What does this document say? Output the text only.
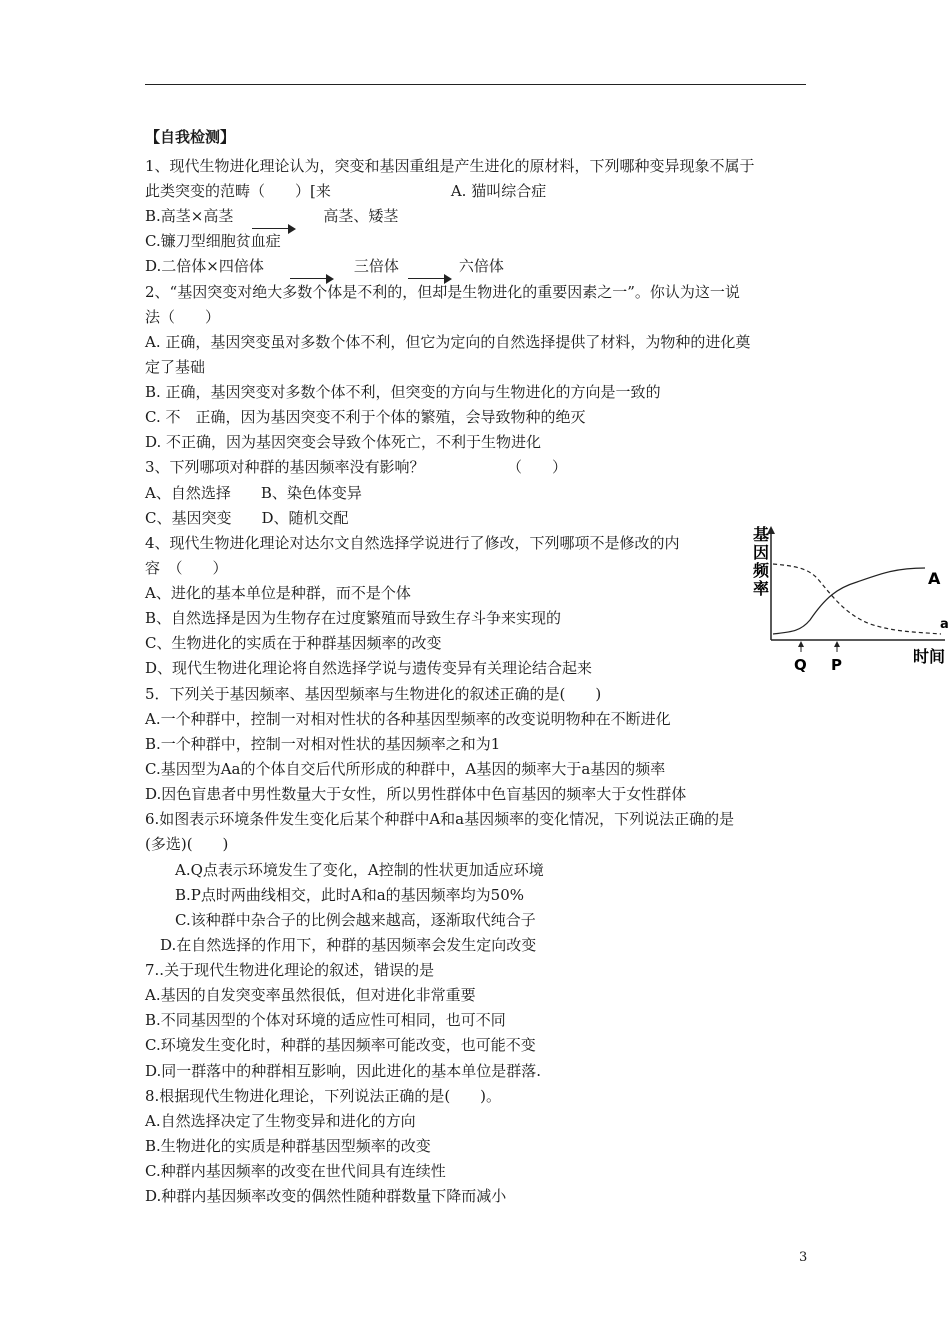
【自我检测】
1、现代生物进化理论认为，突变和基因重组是产生进化的原材料，下列哪种变异现象不属于
此类突变的范畴（　　）[来　　　　　　　　A. 猫叫综合症
B.高茎×高茎　　　　　　高茎、矮茎
C.镰刀型细胞贫血症
D.二倍体×四倍体　　　　　　三倍体　　　　六倍体
2、“基因突变对绝大多数个体是不利的，但却是生物进化的重要因素之一”。你认为这一说
法（　　）
A. 正确，基因突变虽对多数个体不利，但它为定向的自然选择提供了材料，为物种的进化奠
定了基础
B. 正确，基因突变对多数个体不利，但突变的方向与生物进化的方向是一致的
C. 不　正确，因为基因突变不利于个体的繁殖，会导致物种的绝灭
D. 不正确，因为基因突变会导致个体死亡，不利于生物进化
3、下列哪项对种群的基因频率没有影响？　　　　　　（　　）
A、自然选择　　B、染色体变异
C、基因突变　　D、随机交配
4、现代生物进化理论对达尔文自然选择学说进行了修改，下列哪项不是修改的内
容　（　　）
A、进化的基本单位是种群，而不是个体
B、自然选择是因为生物存在过度繁殖而导致生存斗争来实现的
C、生物进化的实质在于种群基因频率的改变
D、现代生物进化理论将自然选择学说与遗传变异有关理论结合起来
5．下列关于基因频率、基因型频率与生物进化的叙述正确的是(　　)
A.一个种群中，控制一对相对性状的各种基因型频率的改变说明物种在不断进化
B.一个种群中，控制一对相对性状的基因频率之和为1
C.基因型为Aa的个体自交后代所形成的种群中，A基因的频率大于a基因的频率
D.因色盲患者中男性数量大于女性，所以男性群体中色盲基因的频率大于女性群体
6.如图表示环境条件发生变化后某个种群中A和a基因频率的变化情况，下列说法正确的是
(多选)(　　)
　　A.Q点表示环境发生了变化，A控制的性状更加适应环境
　　B.P点时两曲线相交，此时A和a的基因频率均为50%
　　C.该种群中杂合子的比例会越来越高，逐渐取代纯合子
　D.在自然选择的作用下，种群的基因频率会发生定向改变
7..关于现代生物进化理论的叙述，错误的是
A.基因的自发突变率虽然很低，但对进化非常重要
B.不同基因型的个体对环境的适应性可相同，也可不同
C.环境发生变化时，种群的基因频率可能改变，也可能不变
D.同一群落中的种群相互影响，因此进化的基本单位是群落.
8.根据现代生物进化理论，下列说法正确的是(　　)。
A.自然选择决定了生物变异和进化的方向
B.生物进化的实质是种群基因型频率的改变
C.种群内基因频率的改变在世代间具有连续性
D.种群内基因频率改变的偶然性随种群数量下降而减小
基
因
频
率
A
a
Q P	时间
3
